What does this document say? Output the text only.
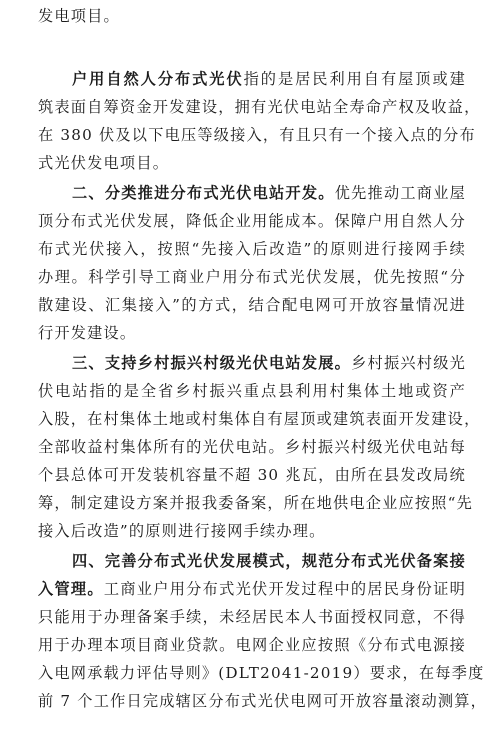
发电项目。
户用自然人分布式光伏指的是居民利用自有屋顶或建
筑表面自筹资金开发建设，拥有光伏电站全寿命产权及收益，
在 380 伏及以下电压等级接入，有且只有一个接入点的分布
式光伏发电项目。
二、分类推进分布式光伏电站开发。优先推动工商业屋
顶分布式光伏发展，降低企业用能成本。保障户用自然人分
布式光伏接入，按照“先接入后改造”的原则进行接网手续
办理。科学引导工商业户用分布式光伏发展，优先按照“分
散建设、汇集接入”的方式，结合配电网可开放容量情况进
行开发建设。
三、支持乡村振兴村级光伏电站发展。乡村振兴村级光
伏电站指的是全省乡村振兴重点县利用村集体土地或资产
入股，在村集体土地或村集体自有屋顶或建筑表面开发建设，
全部收益村集体所有的光伏电站。乡村振兴村级光伏电站每
个县总体可开发装机容量不超 30 兆瓦，由所在县发改局统
筹，制定建设方案并报我委备案，所在地供电企业应按照“先
接入后改造”的原则进行接网手续办理。
四、完善分布式光伏发展模式，规范分布式光伏备案接
入管理。工商业户用分布式光伏开发过程中的居民身份证明
只能用于办理备案手续，未经居民本人书面授权同意，不得
用于办理本项目商业贷款。电网企业应按照《分布式电源接
入电网承载力评估导则》(DLT2041-2019）要求，在每季度
前 7 个工作日完成辖区分布式光伏电网可开放容量滚动测算，
